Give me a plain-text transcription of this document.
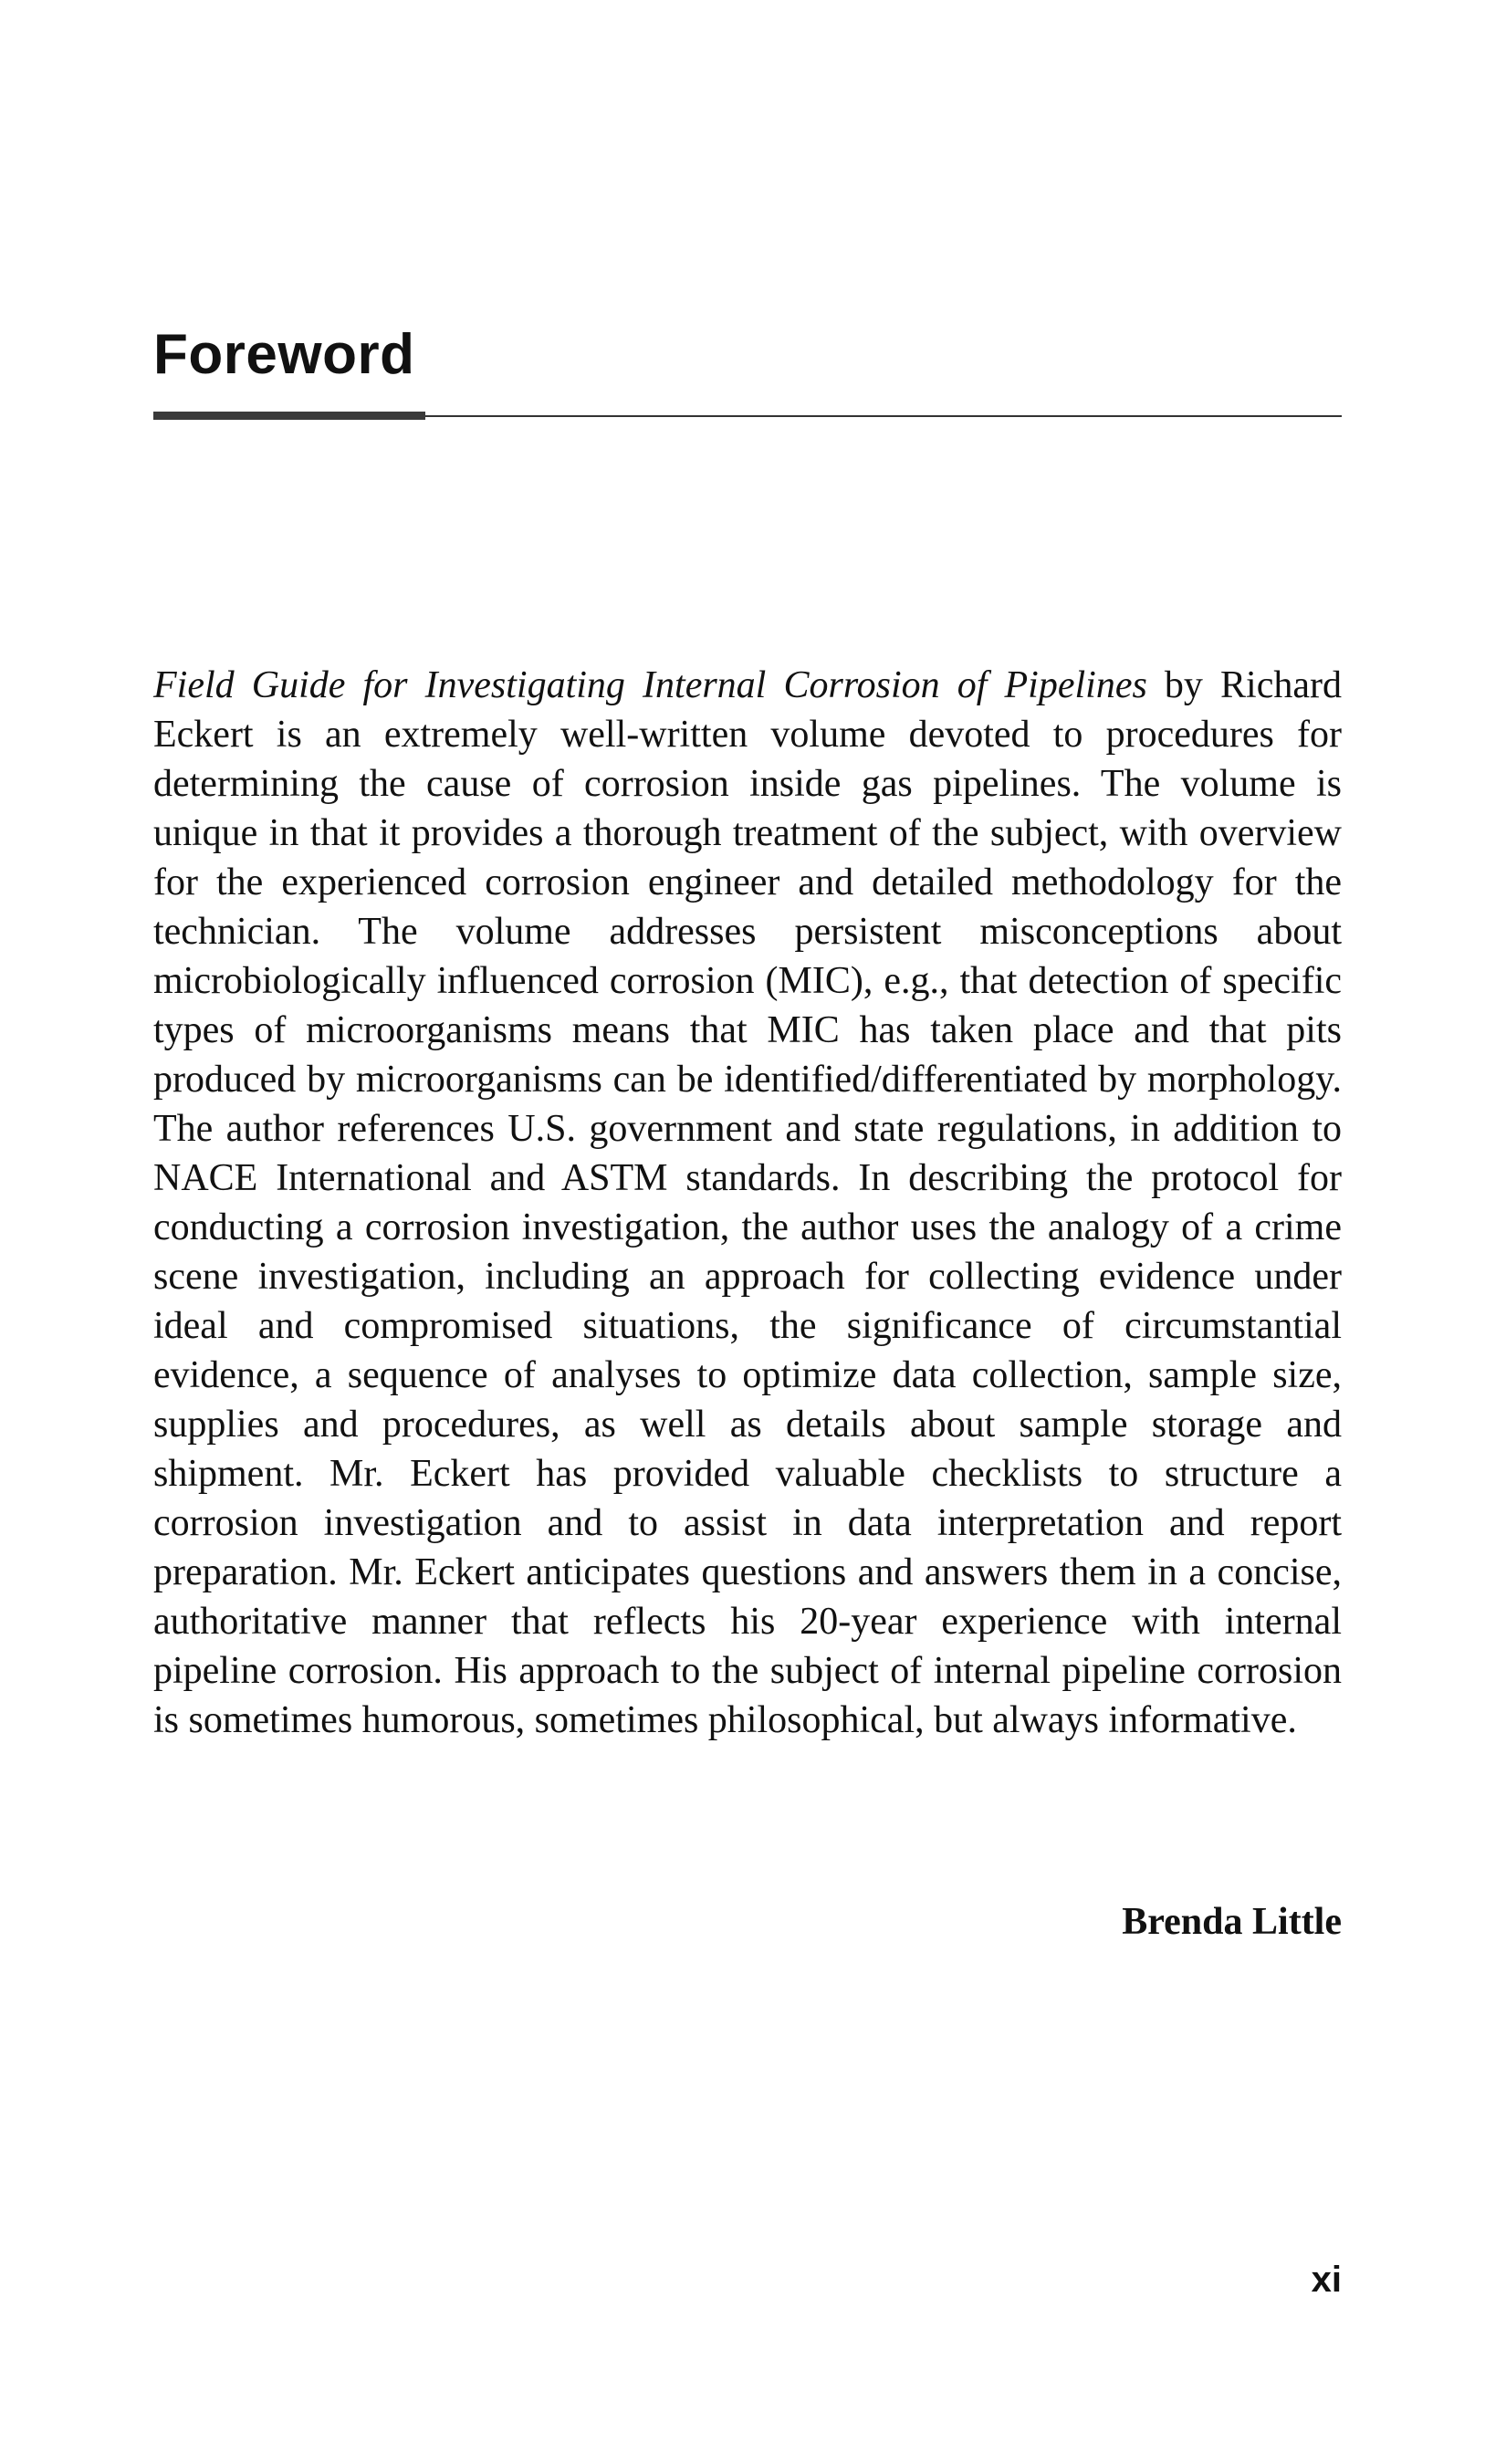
Foreword

Field Guide for Investigating Internal Corrosion of Pipelines by Richard Eckert is an extremely well-written volume devoted to procedures for determining the cause of corrosion inside gas pipelines. The volume is unique in that it provides a thorough treatment of the subject, with overview for the experienced corrosion engineer and detailed methodology for the technician. The volume addresses persistent misconceptions about microbiologically influenced corrosion (MIC), e.g., that detection of specific types of microorganisms means that MIC has taken place and that pits produced by microorganisms can be identified/differentiated by morphology. The author references U.S. government and state regulations, in addition to NACE International and ASTM standards. In describing the protocol for conducting a corrosion investigation, the author uses the analogy of a crime scene investigation, including an approach for collecting evidence under ideal and compromised situations, the significance of circumstantial evidence, a sequence of analyses to optimize data collection, sample size, supplies and procedures, as well as details about sample storage and shipment. Mr. Eckert has provided valuable checklists to structure a corrosion investigation and to assist in data interpretation and report preparation. Mr. Eckert anticipates questions and answers them in a concise, authoritative manner that reflects his 20-year experience with internal pipeline corrosion. His approach to the subject of internal pipeline corrosion is sometimes humorous, sometimes philosophical, but always informative.

Brenda Little

xi
